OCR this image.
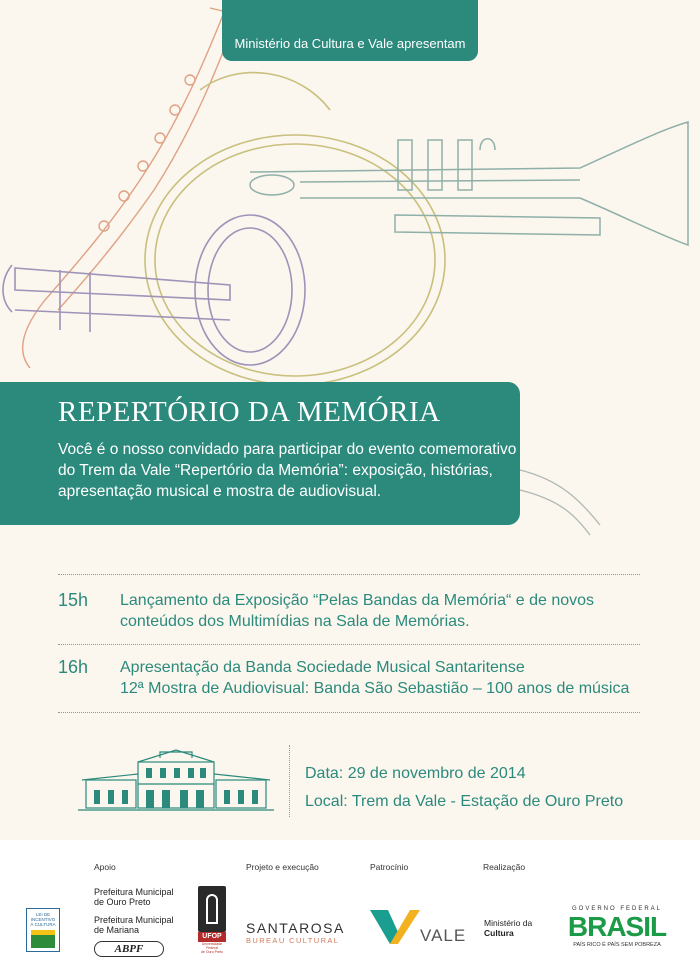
Ministério da Cultura e Vale apresentam
REPERTÓRIO DA MEMÓRIA

Você é o nosso convidado para participar do evento comemorativo
do Trem da Vale “Repertório da Memória”: exposição, histórias,
apresentação musical e mostra de audiovisual.

15h	Lançamento da Exposição “Pelas Bandas da Memória“ e de novos
conteúdos dos Multimídias na Sala de Memórias.
16h	Apresentação da Banda Sociedade Musical Santaritense
12ª Mostra de Audiovisual: Banda São Sebastião – 100 anos de música
Data: 29 de novembro de 2014
Local: Trem da Vale - Estação de Ouro Preto
Apoio	Projeto e execução	Patrocínio	Realização
LEI DE
INCENTIVO
À CULTURA
Prefeitura Municipal
de Ouro Preto
Prefeitura Municipal
de Mariana
ABPF
UFOP
Universidade Federal
de Ouro Preto
SANTAROSA
BUREAU CULTURAL	VALE
Ministério da
Cultura
GOVERNO FEDERAL
BRASIL
PAÍS RICO É PAÍS SEM POBREZA
